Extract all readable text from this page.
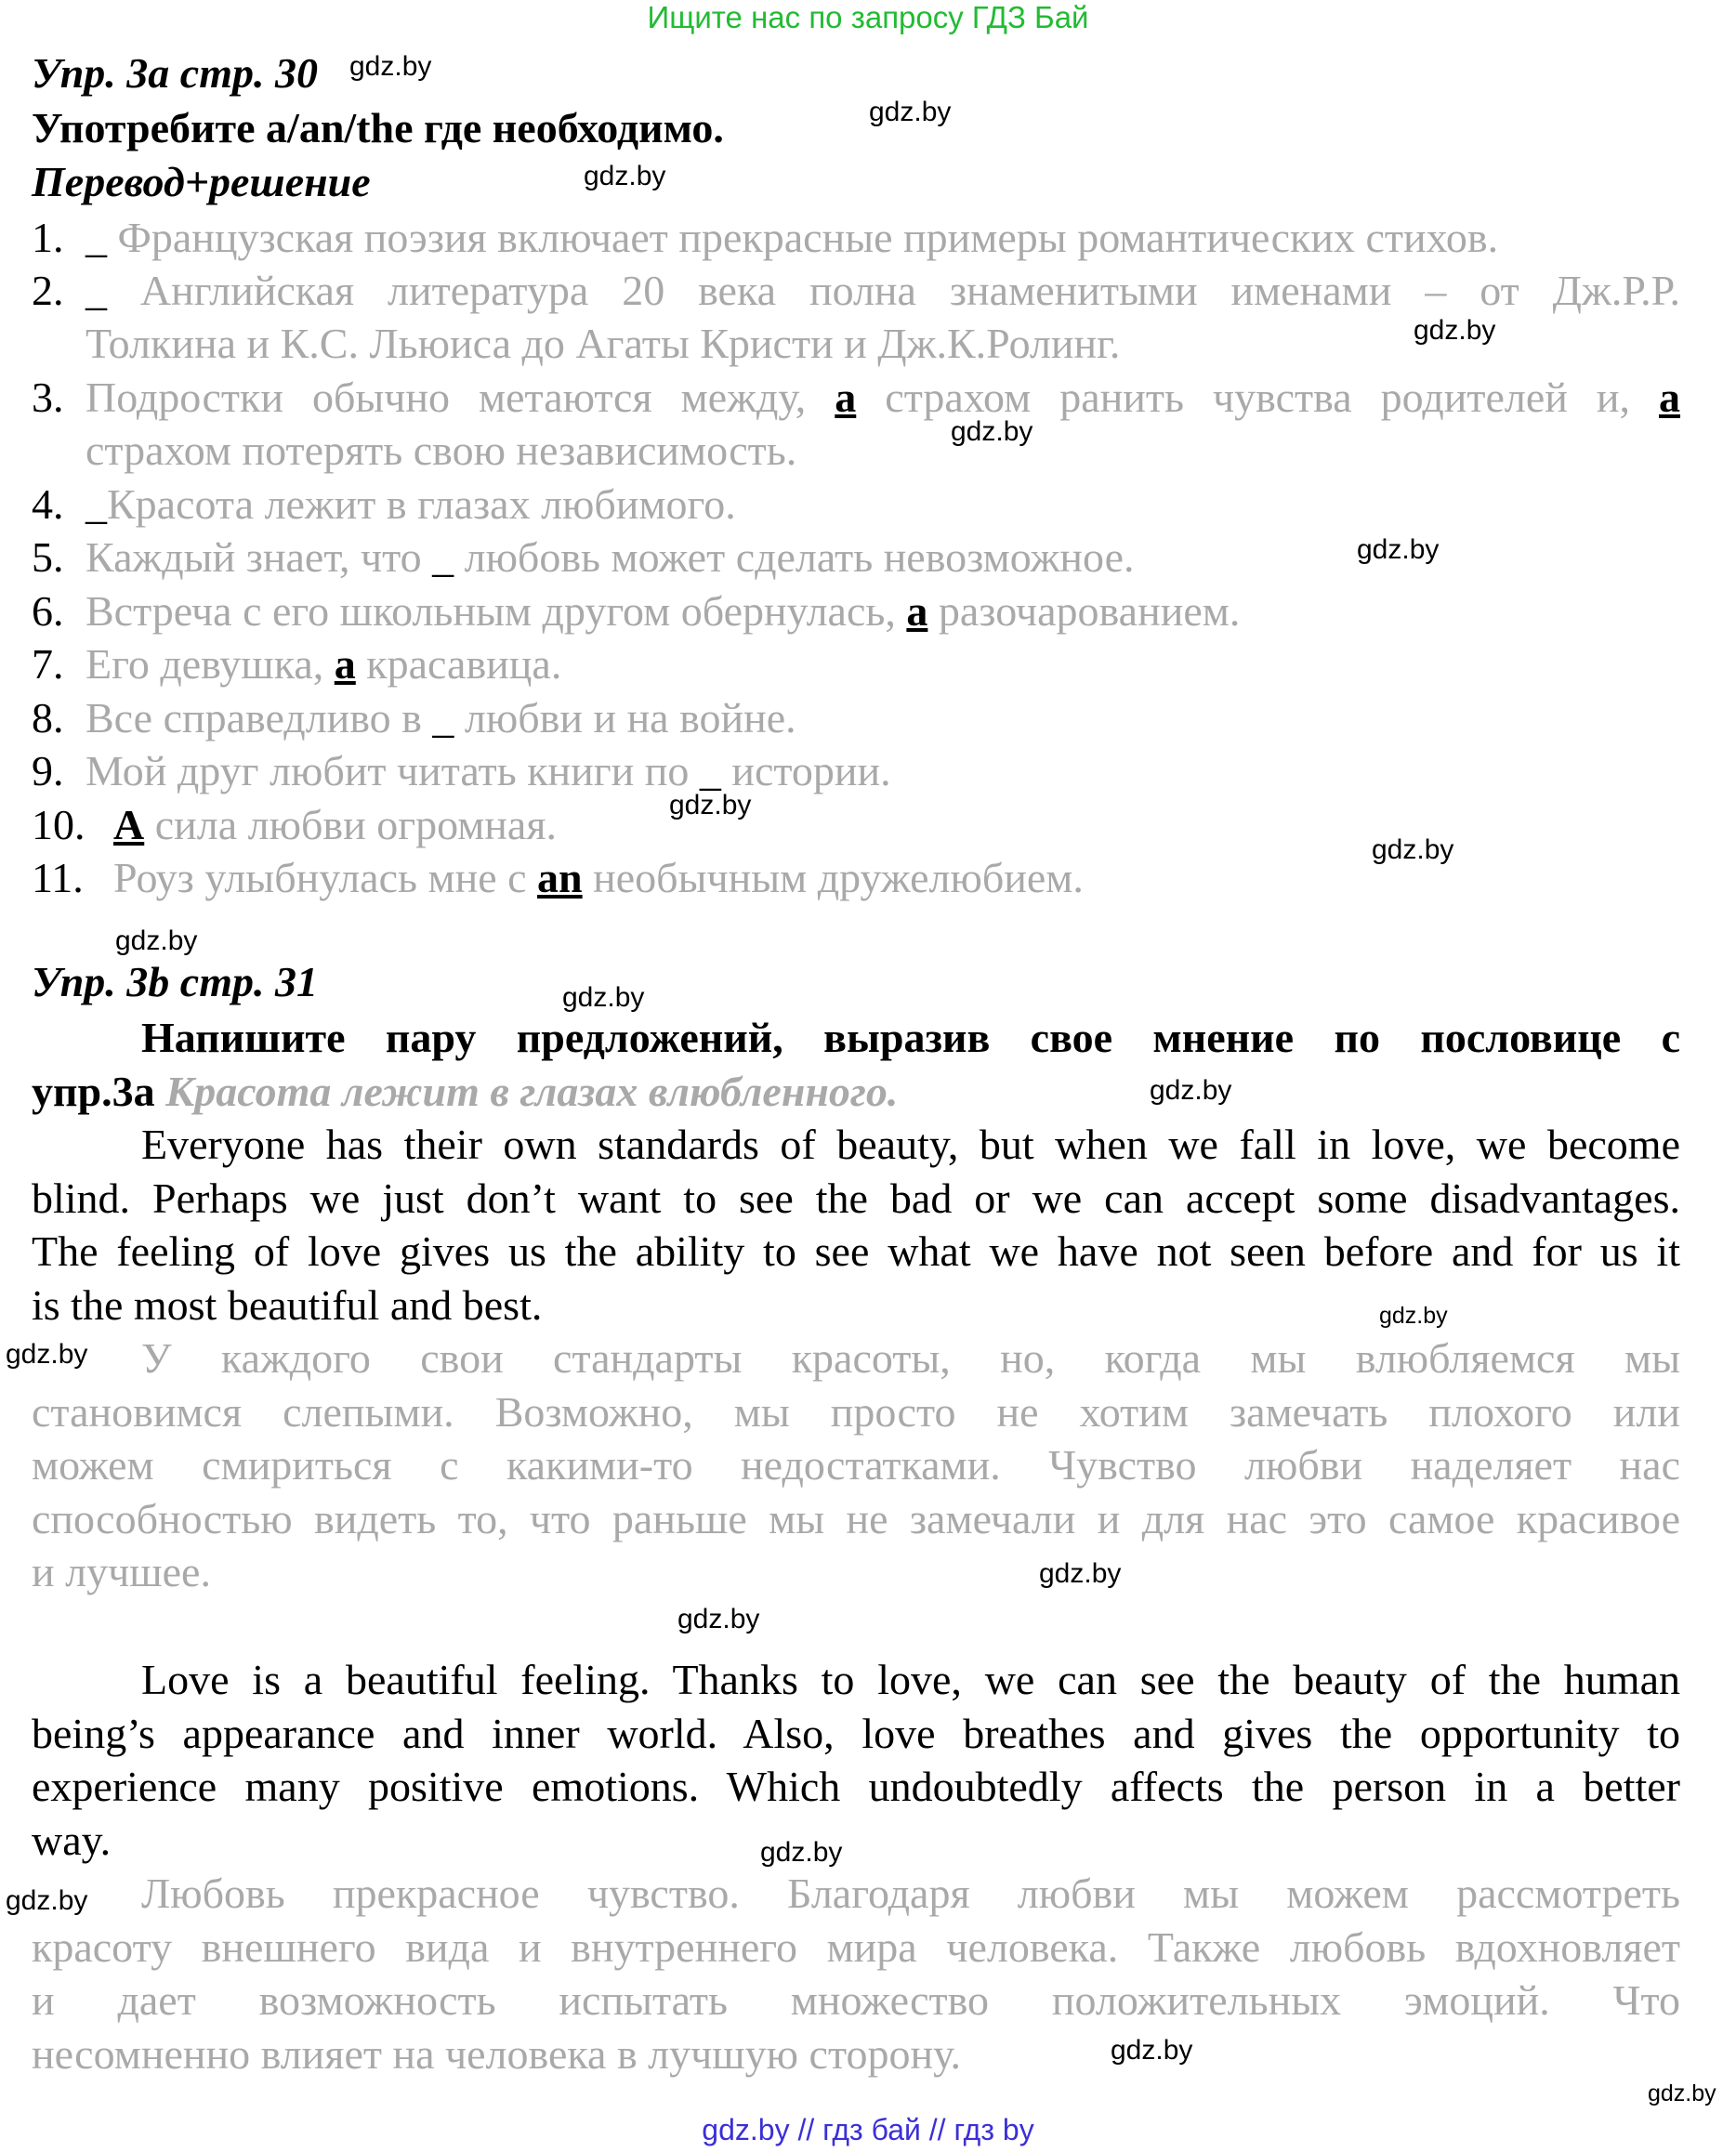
Ищите нас по запросу ГДЗ Бай
Упр. 3а стр. 30
Употребите a/an/the где необходимо.
Перевод+решение
1. _ Французская поэзия включает прекрасные примеры романтических стихов.
2. _ Английская литература 20 века полна знаменитыми именами – от Дж.Р.Р.
Толкина и К.С. Льюиса до Агаты Кристи и Дж.К.Ролинг.
3. Подростки обычно метаются между, a страхом ранить чувства родителей и, a
страхом потерять свою независимость.
4. _Красота лежит в глазах любимого.
5. Каждый знает, что _ любовь может сделать невозможное.
6. Встреча с его школьным другом обернулась, a разочарованием.
7. Его девушка, a красавица.
8. Все справедливо в _ любви и на войне.
9. Мой друг любит читать книги по _ истории.
10. A сила любви огромная.
11. Роуз улыбнулась мне с an необычным дружелюбием.
Упр. 3b стр. 31
Напишите пару предложений, выразив свое мнение по пословице с
упр.3а Красота лежит в глазах влюбленного.
Everyone has their own standards of beauty, but when we fall in love, we become
blind. Perhaps we just don’t want to see the bad or we can accept some disadvantages.
The feeling of love gives us the ability to see what we have not seen before and for us it
is the most beautiful and best.
У каждого свои стандарты красоты, но, когда мы влюбляемся мы
становимся слепыми. Возможно, мы просто не хотим замечать плохого или
можем смириться с какими-то недостатками. Чувство любви наделяет нас
способностью видеть то, что раньше мы не замечали и для нас это самое красивое
и лучшее.
Love is a beautiful feeling. Thanks to love, we can see the beauty of the human
being’s appearance and inner world. Also, love breathes and gives the opportunity to
experience many positive emotions. Which undoubtedly affects the person in a better
way.
Любовь прекрасное чувство. Благодаря любви мы можем рассмотреть
красоту внешнего вида и внутреннего мира человека. Также любовь вдохновляет
и дает возможность испытать множество положительных эмоций. Что
несомненно влияет на человека в лучшую сторону.
gdz.by
gdz.by
gdz.by
gdz.by
gdz.by
gdz.by
gdz.by
gdz.by
gdz.by
gdz.by
gdz.by
gdz.by
gdz.by
gdz.by
gdz.by
gdz.by
gdz.by
gdz.by
gdz.by
gdz.by // гдз бай // гдз by
